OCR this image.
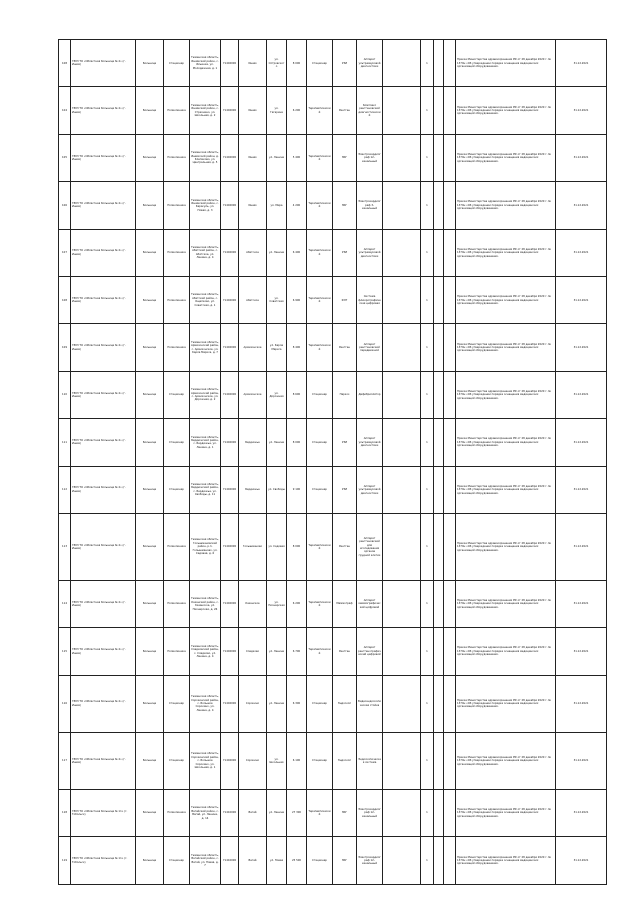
108	ГБУЗ ТО «Областная больница № 4» (г. Ишим)	Больница	Стационар	Тюменская область, Ишимский район, с. Ильинка, ул. Молодежная, д. 1	71402000	Ишим	ул. Островского	8 000	Стационар	УЗИ	Аппарат ультразвуковой диагностики		1			Приказ Министерства здравоохранения РФ от 28 декабря 2020 г. № 1379н «Об утверждении порядка оснащения медицинских организаций оборудованием»	31.12.2021
104	ГБУЗ ТО «Областная больница № 4» (г. Ишим)	Больница	Поликлиника	Тюменская область, Ишимский район, с. Стрехнино, ул. Школьная, д. 2	71402000	Ишим	ул. Гагарина	6 200	Терапевтический	Рентген	Комплекс рентгеновский диагностический		1			Приказ Министерства здравоохранения РФ от 28 декабря 2020 г. № 1379н «Об утверждении порядка оснащения медицинских организаций оборудованием»	31.12.2021
105	ГБУЗ ТО «Областная больница № 4» (г. Ишим)	Больница	Поликлиника	Тюменская область, Ишимский район, д. Клепиково, ул. Центральная, д. 5	71402000	Ишим	ул. Ленина	5 400	Терапевтический	ЭКГ	Электрокардиограф 12-канальный		1			Приказ Министерства здравоохранения РФ от 28 декабря 2020 г. № 1379н «Об утверждении порядка оснащения медицинских организаций оборудованием»	31.12.2021
106	ГБУЗ ТО «Областная больница № 4» (г. Ишим)	Больница	Поликлиника	Тюменская область, Ишимский район, с. Карасуль, ул. Новая, д. 3	71402000	Ишим	ул. Мира	4 200	Терапевтический	ЭКГ	Электрокардиограф 3-канальный		1			Приказ Министерства здравоохранения РФ от 28 декабря 2020 г. № 1379н «Об утверждении порядка оснащения медицинских организаций оборудованием»	31.12.2021
107	ГБУЗ ТО «Областная больница № 4» (г. Ишим)	Больница	Поликлиника	Тюменская область, Абатский район, с. Абатское, ул. Ленина, д. 4	71402000	Абатское	ул. Ленина	6 400	Терапевтический	УЗИ	Аппарат ультразвуковой диагностики		1			Приказ Министерства здравоохранения РФ от 28 декабря 2020 г. № 1379н «Об утверждении порядка оснащения медицинских организаций оборудованием»	31.12.2021
108	ГБУЗ ТО «Областная больница № 4» (г. Ишим)	Больница	Поликлиника	Тюменская область, Абатский район, с. Ощепково, ул. Советская, д. 1	71402000	Абатское	ул. Советская	6 900	Терапевтический	ФЛГ	Система флюорографическая цифровая		1			Приказ Министерства здравоохранения РФ от 28 декабря 2020 г. № 1379н «Об утверждении порядка оснащения медицинских организаций оборудованием»	31.12.2021
109	ГБУЗ ТО «Областная больница № 4» (г. Ишим)	Больница	Поликлиника	Тюменская область, Армизонский район, с. Армизонское, ул. Карла Маркса, д. 7	71402000	Армизонское	ул. Карла Маркса	8 400	Терапевтический	Рентген	Аппарат рентгеновский передвижной		1			Приказ Министерства здравоохранения РФ от 28 декабря 2020 г. № 1379н «Об утверждении порядка оснащения медицинских организаций оборудованием»	31.12.2021
110	ГБУЗ ТО «Областная больница № 4» (г. Ишим)	Больница	Стационар	Тюменская область, Армизонский район, с. Армизонское, ул. Дорожная, д. 2	71402000	Армизонское	ул. Дорожная	8 600	Стационар	Наркоз	Дефибриллятор		1			Приказ Министерства здравоохранения РФ от 28 декабря 2020 г. № 1379н «Об утверждении порядка оснащения медицинских организаций оборудованием»	31.12.2021
111	ГБУЗ ТО «Областная больница № 4» (г. Ишим)	Больница	Стационар	Тюменская область, Бердюжский район, с. Бердюжье, ул. Ленина, д. 1	71402000	Бердюжье	ул. Ленина	8 000	Стационар	УЗИ	Аппарат ультразвуковой диагностики		1			Приказ Министерства здравоохранения РФ от 28 декабря 2020 г. № 1379н «Об утверждении порядка оснащения медицинских организаций оборудованием»	31.12.2021
112	ГБУЗ ТО «Областная больница № 4» (г. Ишим)	Больница	Стационар	Тюменская область, Бердюжский район, с. Бердюжье, ул. Свободы, д. 11	71402000	Бердюжье	ул. Свободы	9 100	Стационар	УЗИ	Аппарат ультразвуковой диагностики		1			Приказ Министерства здравоохранения РФ от 28 декабря 2020 г. № 1379н «Об утверждении порядка оснащения медицинских организаций оборудованием»	31.12.2021
113	ГБУЗ ТО «Областная больница № 4» (г. Ишим)	Больница	Поликлиника	Тюменская область, Голышмановский район, р.п. Голышманово, ул. Садовая, д. 6	71402000	Голышманово	ул. Садовая	8 000	Терапевтический	Рентген	Аппарат рентгеновский для исследования органов грудной клетки		1			Приказ Министерства здравоохранения РФ от 28 декабря 2020 г. № 1379н «Об утверждении порядка оснащения медицинских организаций оборудованием»	31.12.2021
114	ГБУЗ ТО «Областная больница № 4» (г. Ишим)	Больница	Поликлиника	Тюменская область, Казанский район, с. Казанское, ул. Пионерская, д. 26	71402000	Казанское	ул. Пионерская	6 200	Терапевтический	Маммограф	Аппарат маммографический цифровой		1			Приказ Министерства здравоохранения РФ от 28 декабря 2020 г. № 1379н «Об утверждении порядка оснащения медицинских организаций оборудованием»	31.12.2021
115	ГБУЗ ТО «Областная больница № 4» (г. Ишим)	Больница	Поликлиника	Тюменская область, Сладковский район, с. Сладково, ул. Ленина, д. 4	71402000	Сладково	ул. Ленина	6 700	Терапевтический	Рентген	Аппарат рентгенографический цифровой		1			Приказ Министерства здравоохранения РФ от 28 декабря 2020 г. № 1379н «Об утверждении порядка оснащения медицинских организаций оборудованием»	31.12.2021
116	ГБУЗ ТО «Областная больница № 4» (г. Ишим)	Больница	Стационар	Тюменская область, Сорокинский район, с. Большое Сорокино, ул. Ленина, д. 4	71402000	Сорокино	ул. Ленина	6 300	Стационар	Эндоскоп	Видеоэндоскопическая стойка		1			Приказ Министерства здравоохранения РФ от 28 декабря 2020 г. № 1379н «Об утверждении порядка оснащения медицинских организаций оборудованием»	31.12.2021
117	ГБУЗ ТО «Областная больница № 4» (г. Ишим)	Больница	Стационар	Тюменская область, Сорокинский район, с. Большое Сорокино, ул. Школьная, д. 1	71402000	Сорокино	ул. Школьная	6 100	Стационар	Эндоскоп	Эндоскопическая система		1			Приказ Министерства здравоохранения РФ от 28 декабря 2020 г. № 1379н «Об утверждении порядка оснащения медицинских организаций оборудованием»	31.12.2021
118	ГБУЗ ТО «Областная больница № 11» (г. Тобольск)	Больница	Поликлиника	Тюменская область, Вагайский район, с. Вагай, ул. Ленина, д. 14	71410000	Вагай	ул. Ленина	27 300	Терапевтический	ЭКГ	Электрокардиограф 12-канальный		1			Приказ Министерства здравоохранения РФ от 28 декабря 2020 г. № 1379н «Об утверждении порядка оснащения медицинских организаций оборудованием»	31.12.2021
119	ГБУЗ ТО «Областная больница № 11» (г. Тобольск)	Больница	Стационар	Тюменская область, Вагайский район, с. Вагай, ул. Новая, д. 7	71410000	Вагай	ул. Новая	25 500	Стационар	ЭКГ	Электрокардиограф 12-канальный		1			Приказ Министерства здравоохранения РФ от 28 декабря 2020 г. № 1379н «Об утверждении порядка оснащения медицинских организаций оборудованием»	31.12.2021
